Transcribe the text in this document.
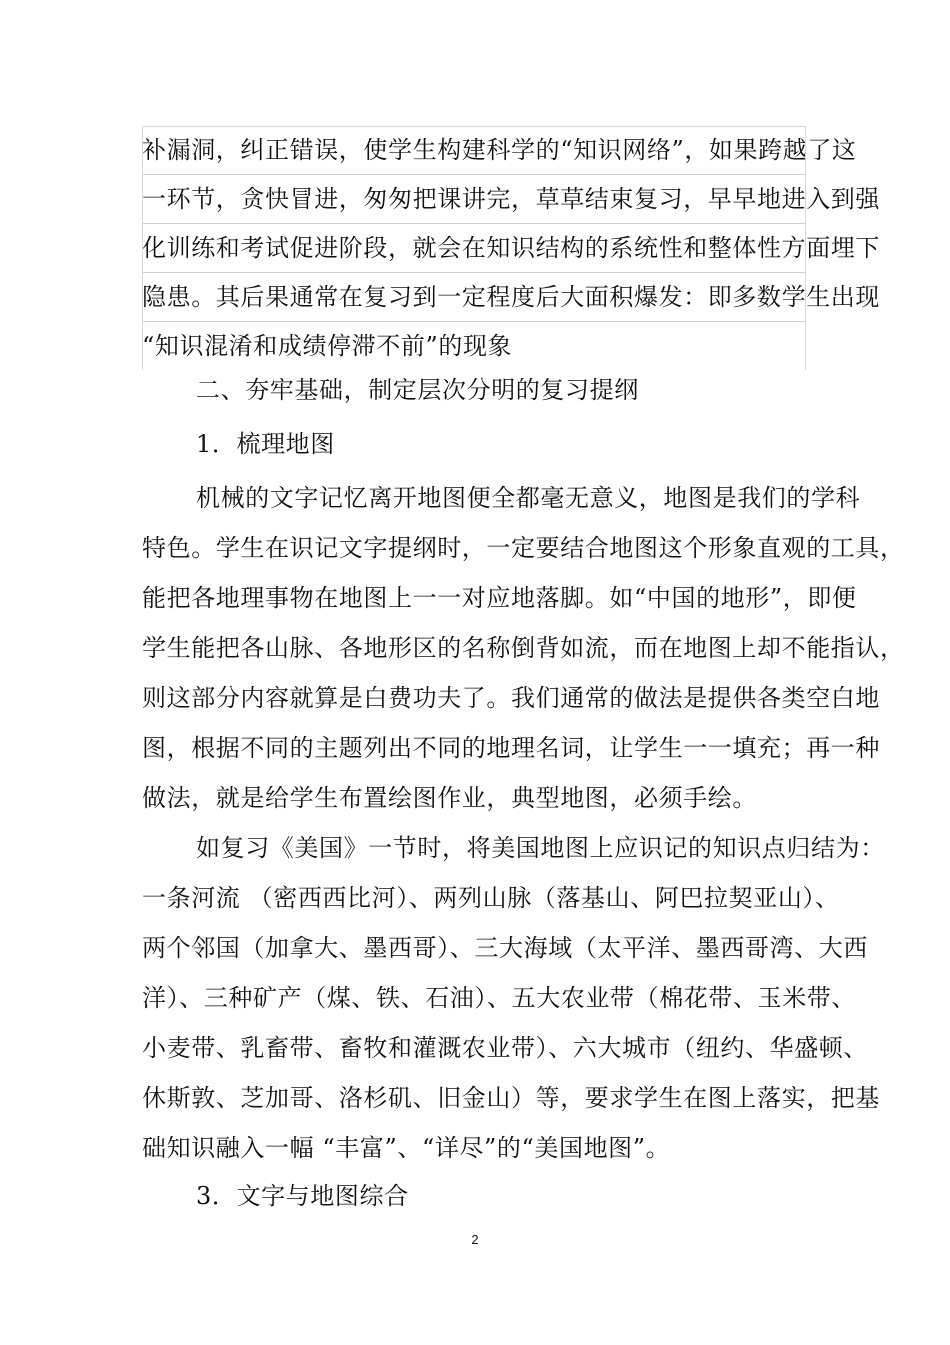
补漏洞，纠正错误，使学生构建科学的“知识网络”，如果跨越了这
一环节，贪快冒进，匆匆把课讲完，草草结束复习，早早地进入到强
化训练和考试促进阶段，就会在知识结构的系统性和整体性方面埋下
隐患。其后果通常在复习到一定程度后大面积爆发：即多数学生出现
“知识混淆和成绩停滞不前”的现象
二、夯牢基础，制定层次分明的复习提纲
1．梳理地图
机械的文字记忆离开地图便全都毫无意义，地图是我们的学科
特色。学生在识记文字提纲时，一定要结合地图这个形象直观的工具，
能把各地理事物在地图上一一对应地落脚。如“中国的地形”，即便
学生能把各山脉、各地形区的名称倒背如流，而在地图上却不能指认，
则这部分内容就算是白费功夫了。我们通常的做法是提供各类空白地
图，根据不同的主题列出不同的地理名词，让学生一一填充；再一种
做法，就是给学生布置绘图作业，典型地图，必须手绘。
如复习《美国》一节时，将美国地图上应识记的知识点归结为：
一条河流 （密西西比河）、两列山脉（落基山、阿巴拉契亚山）、
两个邻国（加拿大、墨西哥）、三大海域（太平洋、墨西哥湾、大西
洋）、三种矿产（煤、铁、石油）、五大农业带（棉花带、玉米带、
小麦带、乳畜带、畜牧和灌溉农业带）、六大城市（纽约、华盛顿、
休斯敦、芝加哥、洛杉矶、旧金山）等，要求学生在图上落实，把基
础知识融入一幅 “丰富”、“详尽”的“美国地图”。
3．文字与地图综合
2
